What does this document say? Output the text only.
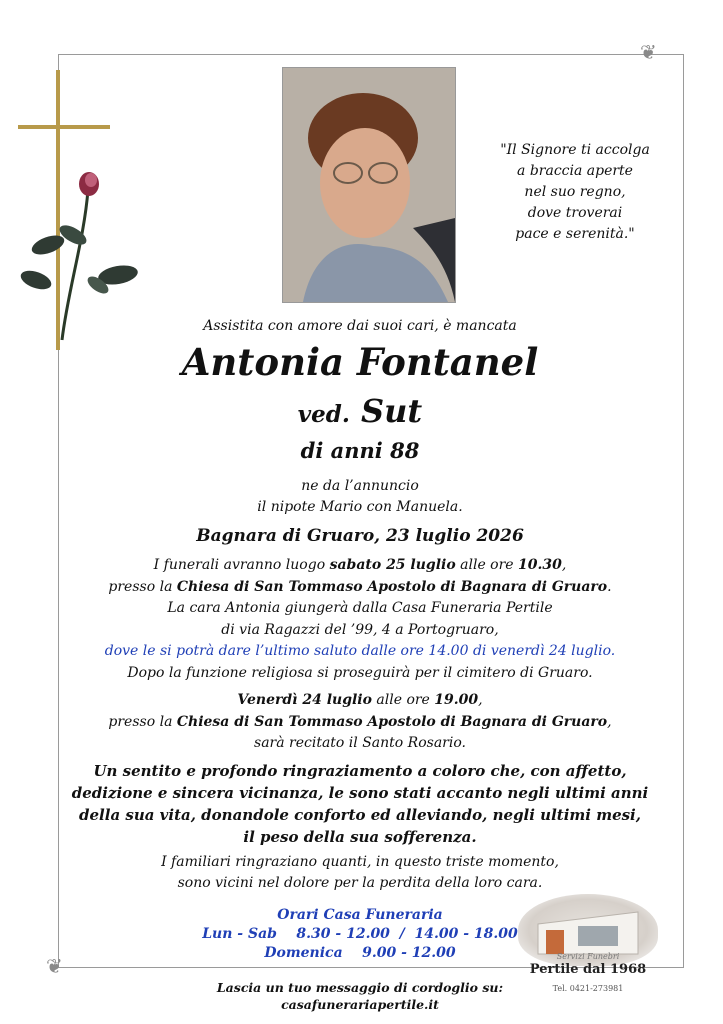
❦
❦
"Il Signore ti accolga
a braccia aperte
nel suo regno,
dove troverai
pace e serenità."
Assistita con amore dai suoi cari, è mancata
Antonia Fontanel
ved. Sut
di anni 88
ne da l’annuncio
il nipote Mario con Manuela.
Bagnara di Gruaro, 23 luglio 2026
I funerali avranno luogo sabato 25 luglio alle ore 10.30,
presso la Chiesa di San Tommaso Apostolo di Bagnara di Gruaro.
La cara Antonia giungerà dalla Casa Funeraria Pertile
di via Ragazzi del ’99, 4 a Portogruaro,
dove le si potrà dare l’ultimo saluto dalle ore 14.00 di venerdì 24 luglio.
Dopo la funzione religiosa si proseguirà per il cimitero di Gruaro.
Venerdì 24 luglio alle ore 19.00,
presso la Chiesa di San Tommaso Apostolo di Bagnara di Gruaro,
sarà recitato il Santo Rosario.
Un sentito e profondo ringraziamento a coloro che, con affetto,
dedizione e sincera vicinanza, le sono stati accanto negli ultimi anni
della sua vita, donandole conforto ed alleviando, negli ultimi mesi,
il peso della sua sofferenza.
I familiari ringraziano quanti, in questo triste momento,
sono vicini nel dolore per la perdita della loro cara.
Orari Casa Funeraria
Lun - Sab    8.30 - 12.00  /  14.00 - 18.00
Domenica    9.00 - 12.00
Lascia un tuo messaggio di cordoglio su:
casafunerariapertile.it
Servizi Funebri
Pertile dal 1968
Tel. 0421-273981
